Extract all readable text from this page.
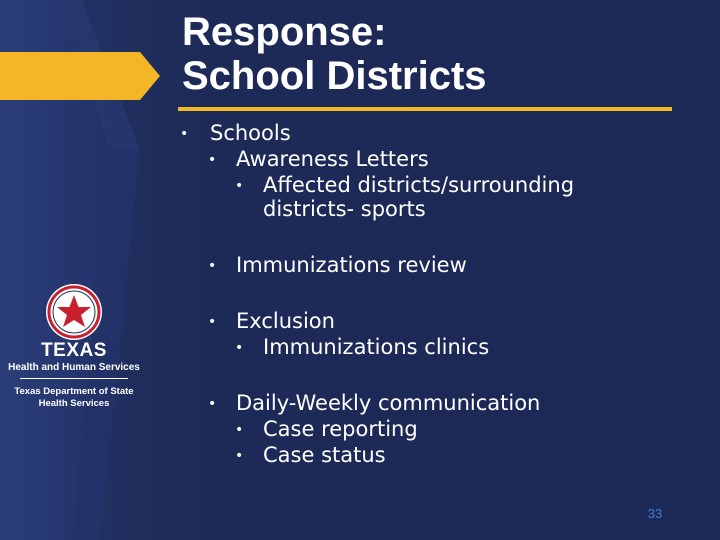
TEXAS
Health and Human Services
Texas Department of State
Health Services
Response:
School Districts
• Schools
• Awareness Letters
• Affected districts/surrounding
districts- sports
• Immunizations review
• Exclusion
• Immunizations clinics
• Daily-Weekly communication
• Case reporting
• Case status
33
